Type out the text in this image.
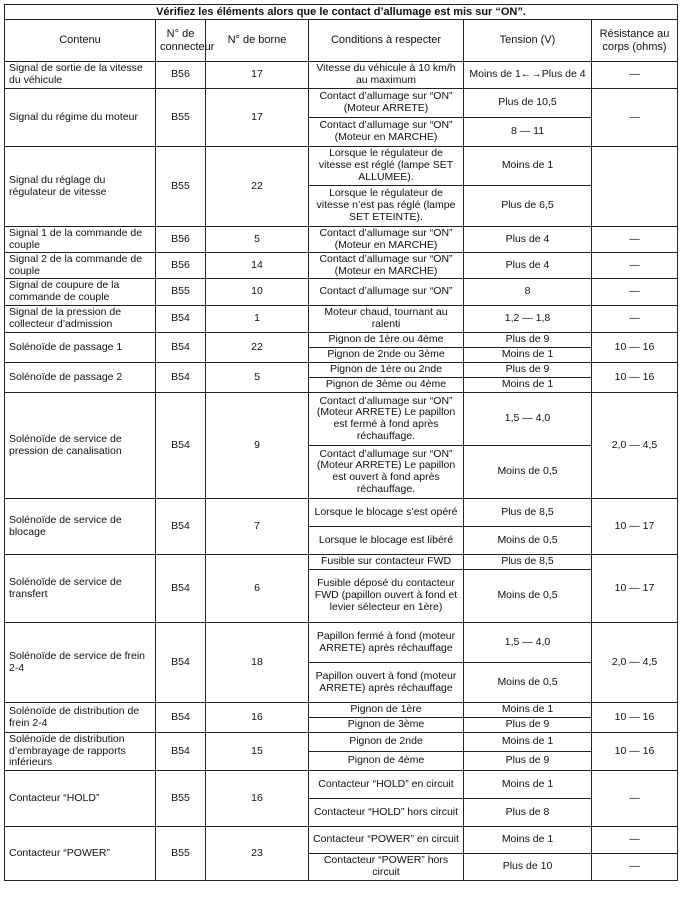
Vérifiez les éléments alors que le contact d’allumage est mis sur “ON”.					
Contenu	N° de connecteur	N° de borne	Conditions à respecter	Tension (V)	Résistance au corps (ohms)
Signal de sortie de la vitesse du véhicule	B56	17	Vitesse du véhicule à 10 km/h au maximum	Moins de 1←→Plus de 4	—
Signal du régime du moteur	B55	17	Contact d’allumage sur “ON” (Moteur ARRETE)	Plus de 10,5	—
			Contact d’allumage sur “ON” (Moteur en MARCHE)	8 — 11	
Signal du réglage du régulateur de vitesse	B55	22	Lorsque le régulateur de vitesse est réglé (lampe SET ALLUMEE).	Moins de 1	
			Lorsque le régulateur de vitesse n’est pas réglé (lampe SET ETEINTE).	Plus de 6,5	
Signal 1 de la commande de couple	B56	5	Contact d’allumage sur “ON” (Moteur en MARCHE)	Plus de 4	—
Signal 2 de la commande de couple	B56	14	Contact d’allumage sur “ON” (Moteur en MARCHE)	Plus de 4	—
Signal de coupure de la commande de couple	B55	10	Contact d’allumage sur “ON”	8	—
Signal de la pression de collecteur d’admission	B54	1	Moteur chaud, tournant au ralenti	1,2 — 1,8	—
Solénoïde de passage 1	B54	22	Pignon de 1ère ou 4ème	Plus de 9	10 — 16
			Pignon de 2nde ou 3ème	Moins de 1	
Solénoïde de passage 2	B54	5	Pignon de 1ère ou 2nde	Plus de 9	10 — 16
			Pignon de 3ème ou 4ème	Moins de 1	
Solénoïde de service de pression de canalisation	B54	9	Contact d’allumage sur “ON” (Moteur ARRETE) Le papillon est fermé à fond après réchauffage.	1,5 — 4,0	2,0 — 4,5
			Contact d’allumage sur “ON” (Moteur ARRETE) Le papillon est ouvert à fond après réchauffage.	Moins de 0,5	
Solénoïde de service de blocage	B54	7	Lorsque le blocage s’est opéré	Plus de 8,5	10 — 17
			Lorsque le blocage est libéré	Moins de 0,5	
Solénoïde de service de transfert	B54	6	Fusible sur contacteur FWD	Plus de 8,5	10 — 17
			Fusible déposé du contacteur FWD (papillon ouvert à fond et levier sélecteur en 1ère)	Moins de 0,5	
Solénoïde de service de frein 2-4	B54	18	Papillon fermé à fond (moteur ARRETE) après réchauffage	1,5 — 4,0	2,0 — 4,5
			Papillon ouvert à fond (moteur ARRETE) après réchauffage	Moins de 0,5	
Solénoïde de distribution de frein 2-4	B54	16	Pignon de 1ère	Moins de 1	10 — 16
			Pignon de 3ème	Plus de 9	
Solénoïde de distribution d’embrayage de rapports inférieurs	B54	15	Pignon de 2nde	Moins de 1	10 — 16
			Pignon de 4ème	Plus de 9	
Contacteur “HOLD”	B55	16	Contacteur “HOLD” en circuit	Moins de 1	—
			Contacteur “HOLD” hors circuit	Plus de 8	
Contacteur “POWER”	B55	23	Contacteur “POWER” en circuit	Moins de 1	—
			Contacteur “POWER” hors circuit	Plus de 10	—
